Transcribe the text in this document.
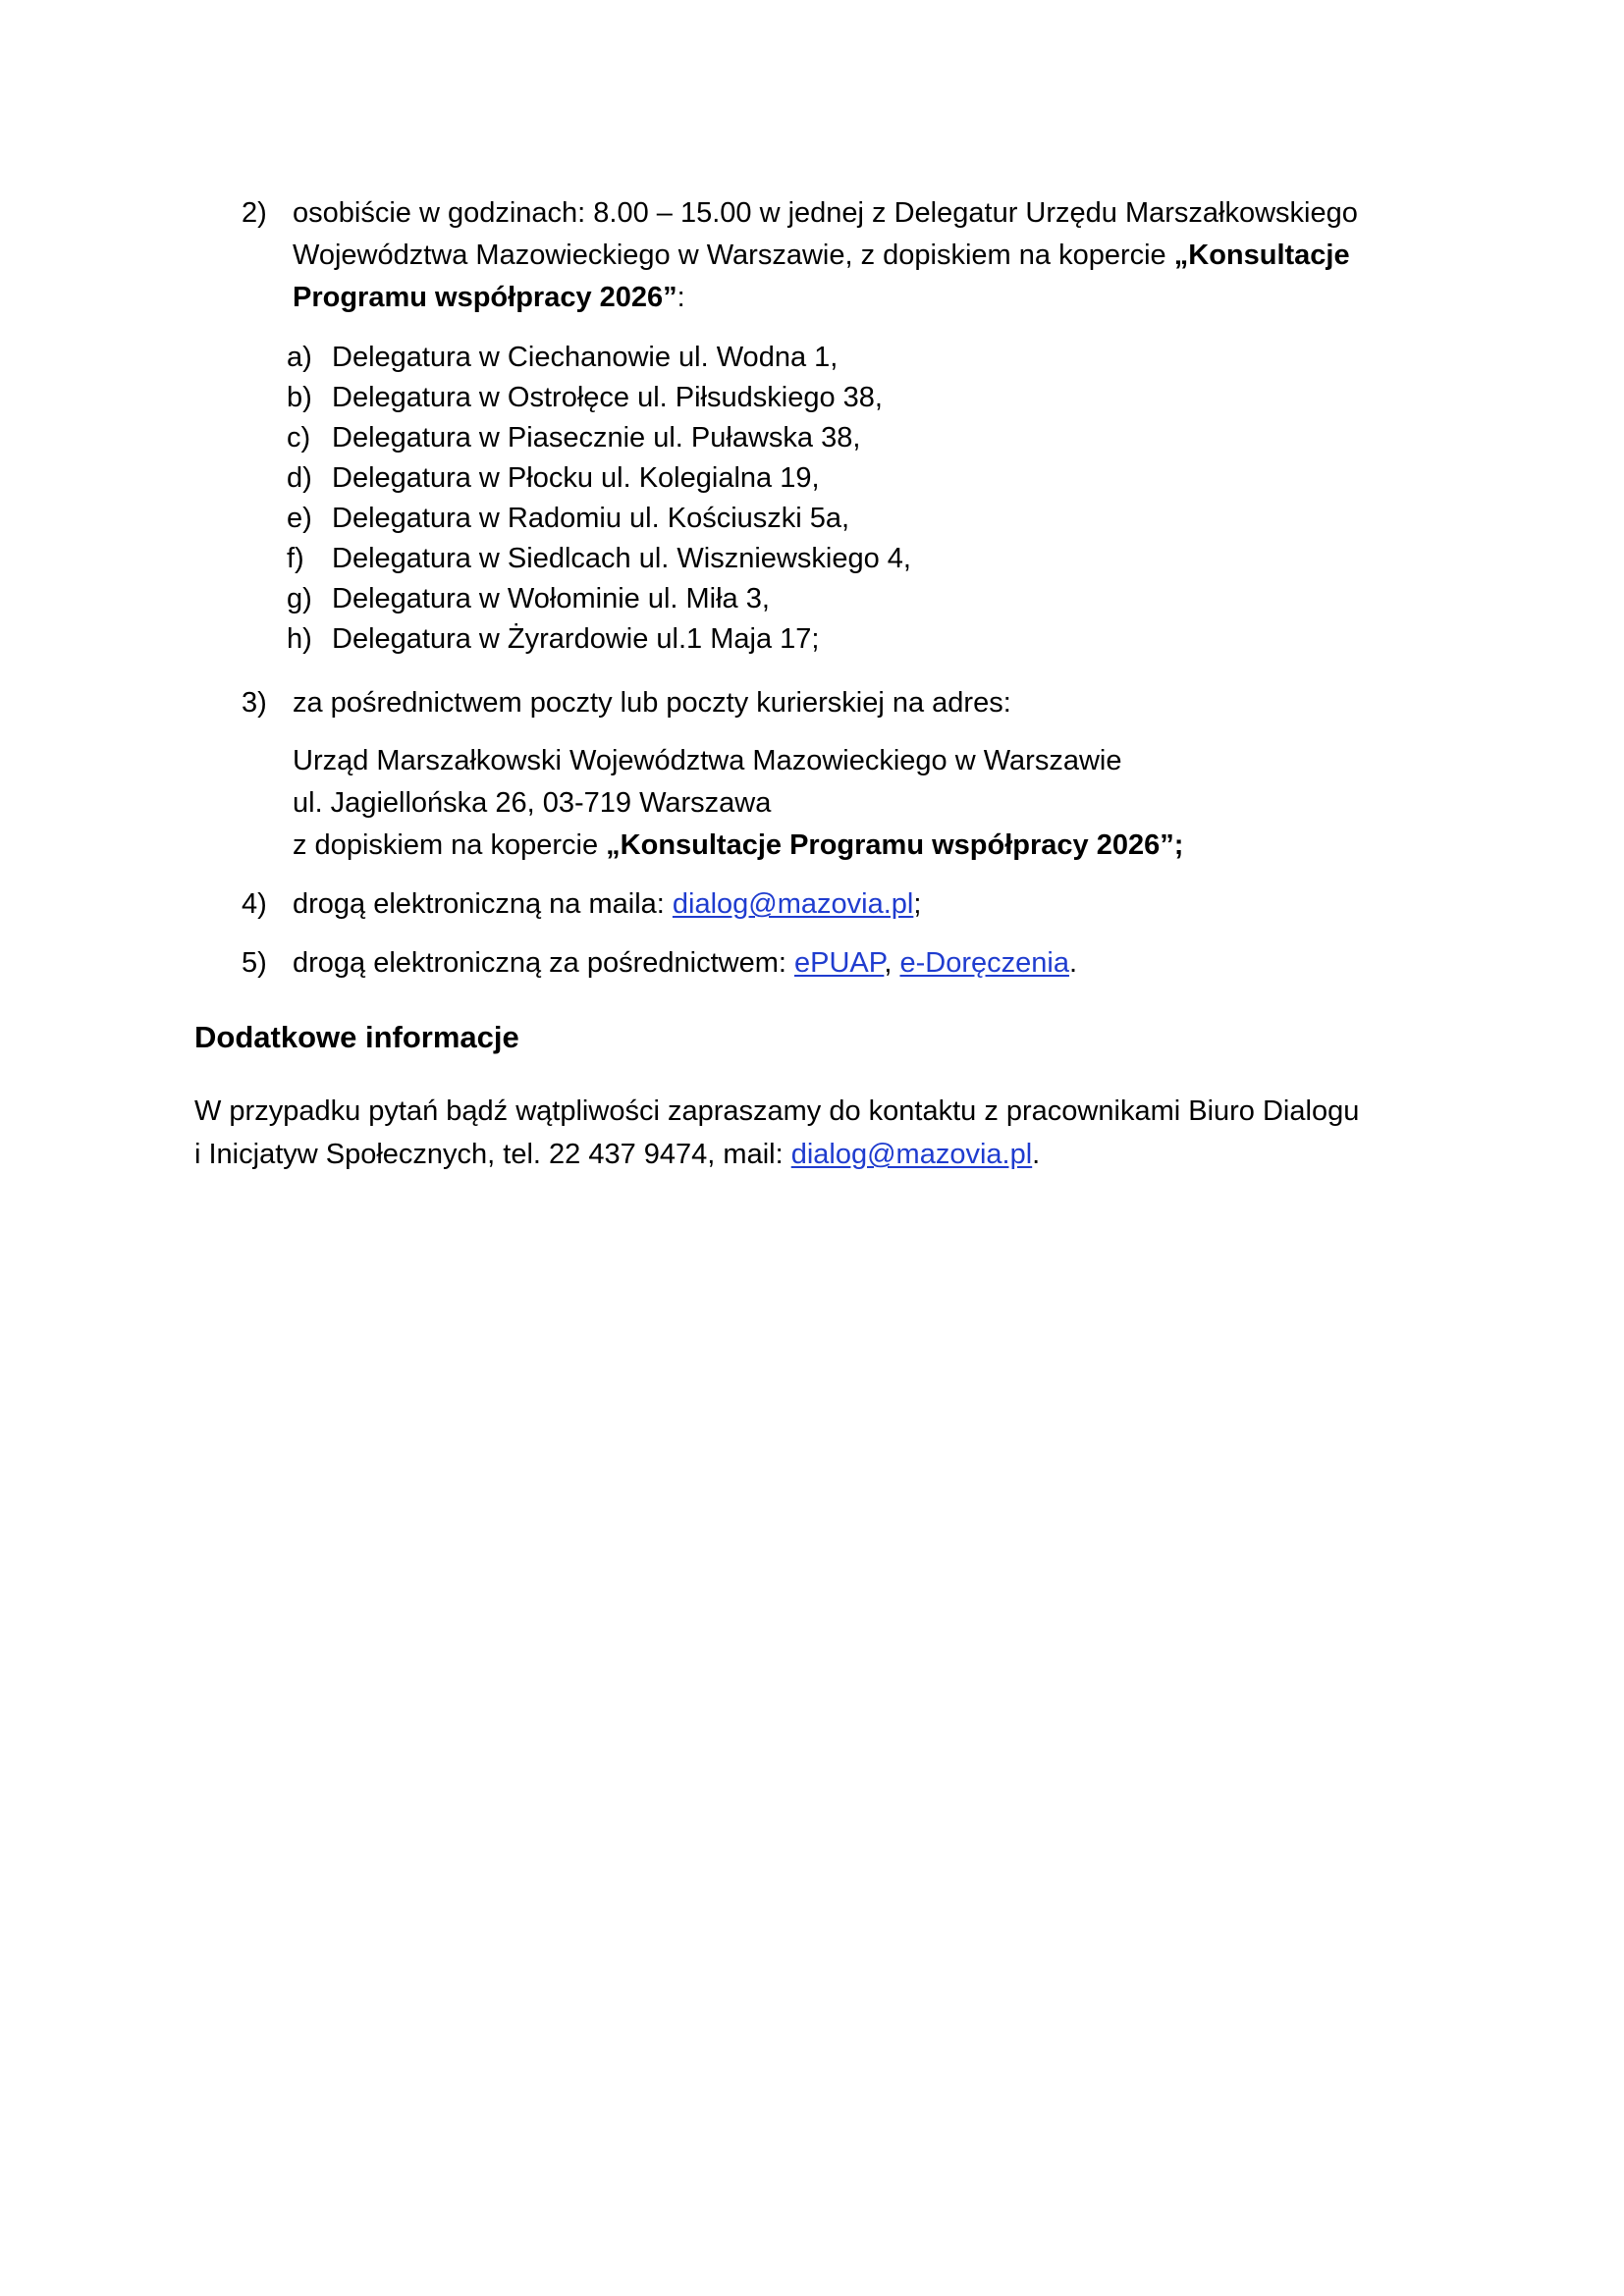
2) osobiście w godzinach: 8.00 – 15.00 w jednej z Delegatur Urzędu Marszałkowskiego
Województwa Mazowieckiego w Warszawie, z dopiskiem na kopercie „Konsultacje
Programu współpracy 2026”:
a) Delegatura w Ciechanowie ul. Wodna 1,
b) Delegatura w Ostrołęce ul. Piłsudskiego 38,
c) Delegatura w Piasecznie ul. Puławska 38,
d) Delegatura w Płocku ul. Kolegialna 19,
e) Delegatura w Radomiu ul. Kościuszki 5a,
f) Delegatura w Siedlcach ul. Wiszniewskiego 4,
g) Delegatura w Wołominie ul. Miła 3,
h) Delegatura w Żyrardowie ul.1 Maja 17;
3) za pośrednictwem poczty lub poczty kurierskiej na adres:
Urząd Marszałkowski Województwa Mazowieckiego w Warszawie
ul. Jagiellońska 26, 03-719 Warszawa
z dopiskiem na kopercie „Konsultacje Programu współpracy 2026”;
4) drogą elektroniczną na maila: dialog@mazovia.pl;
5) drogą elektroniczną za pośrednictwem: ePUAP, e-Doręczenia.
Dodatkowe informacje
W przypadku pytań bądź wątpliwości zapraszamy do kontaktu z pracownikami Biuro Dialogu
i Inicjatyw Społecznych, tel. 22 437 9474, mail: dialog@mazovia.pl.
